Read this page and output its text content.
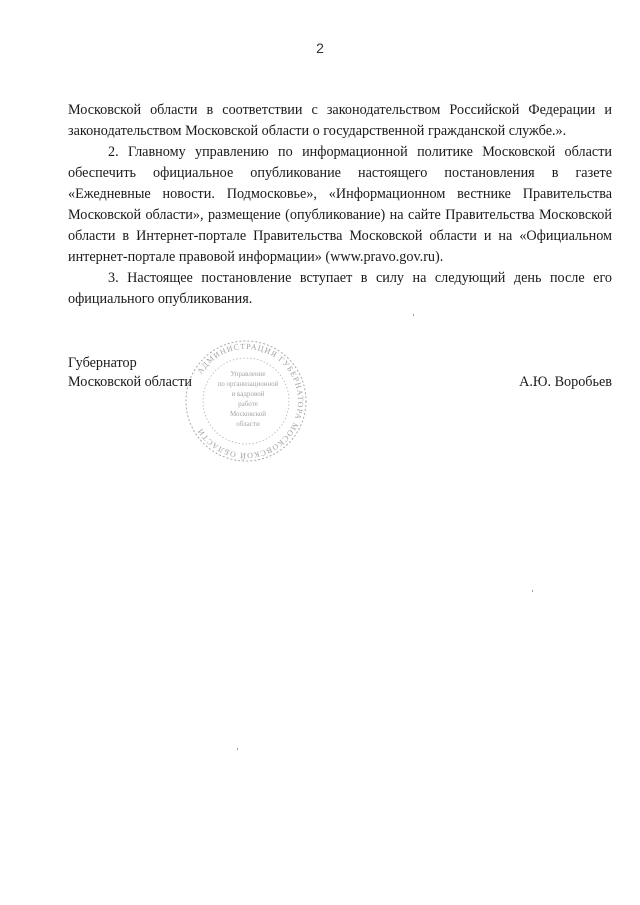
2

Московской области в соответствии с законодательством Российской Федерации и законодательством Московской области о государственной гражданской службе.».

2. Главному управлению по информационной политике Московской области обеспечить официальное опубликование настоящего постановления в газете «Ежедневные новости. Подмосковье», «Информационном вестнике Правительства Московской области», размещение (опубликование) на сайте Правительства Московской области в Интернет-портале Правительства Московской области и на «Официальном интернет-портале правовой информации» (www.pravo.gov.ru).

3. Настоящее постановление вступает в силу на следующий день после его официального опубликования.

Губернатор
Московской области	А.Ю. Воробьев
АДМИНИСТРАЦИЯ ГУБЕРНАТОРА МОСКОВСКОЙ ОБЛАСТИ
Управление
по организационной
и кадровой
работе
Московской
области
